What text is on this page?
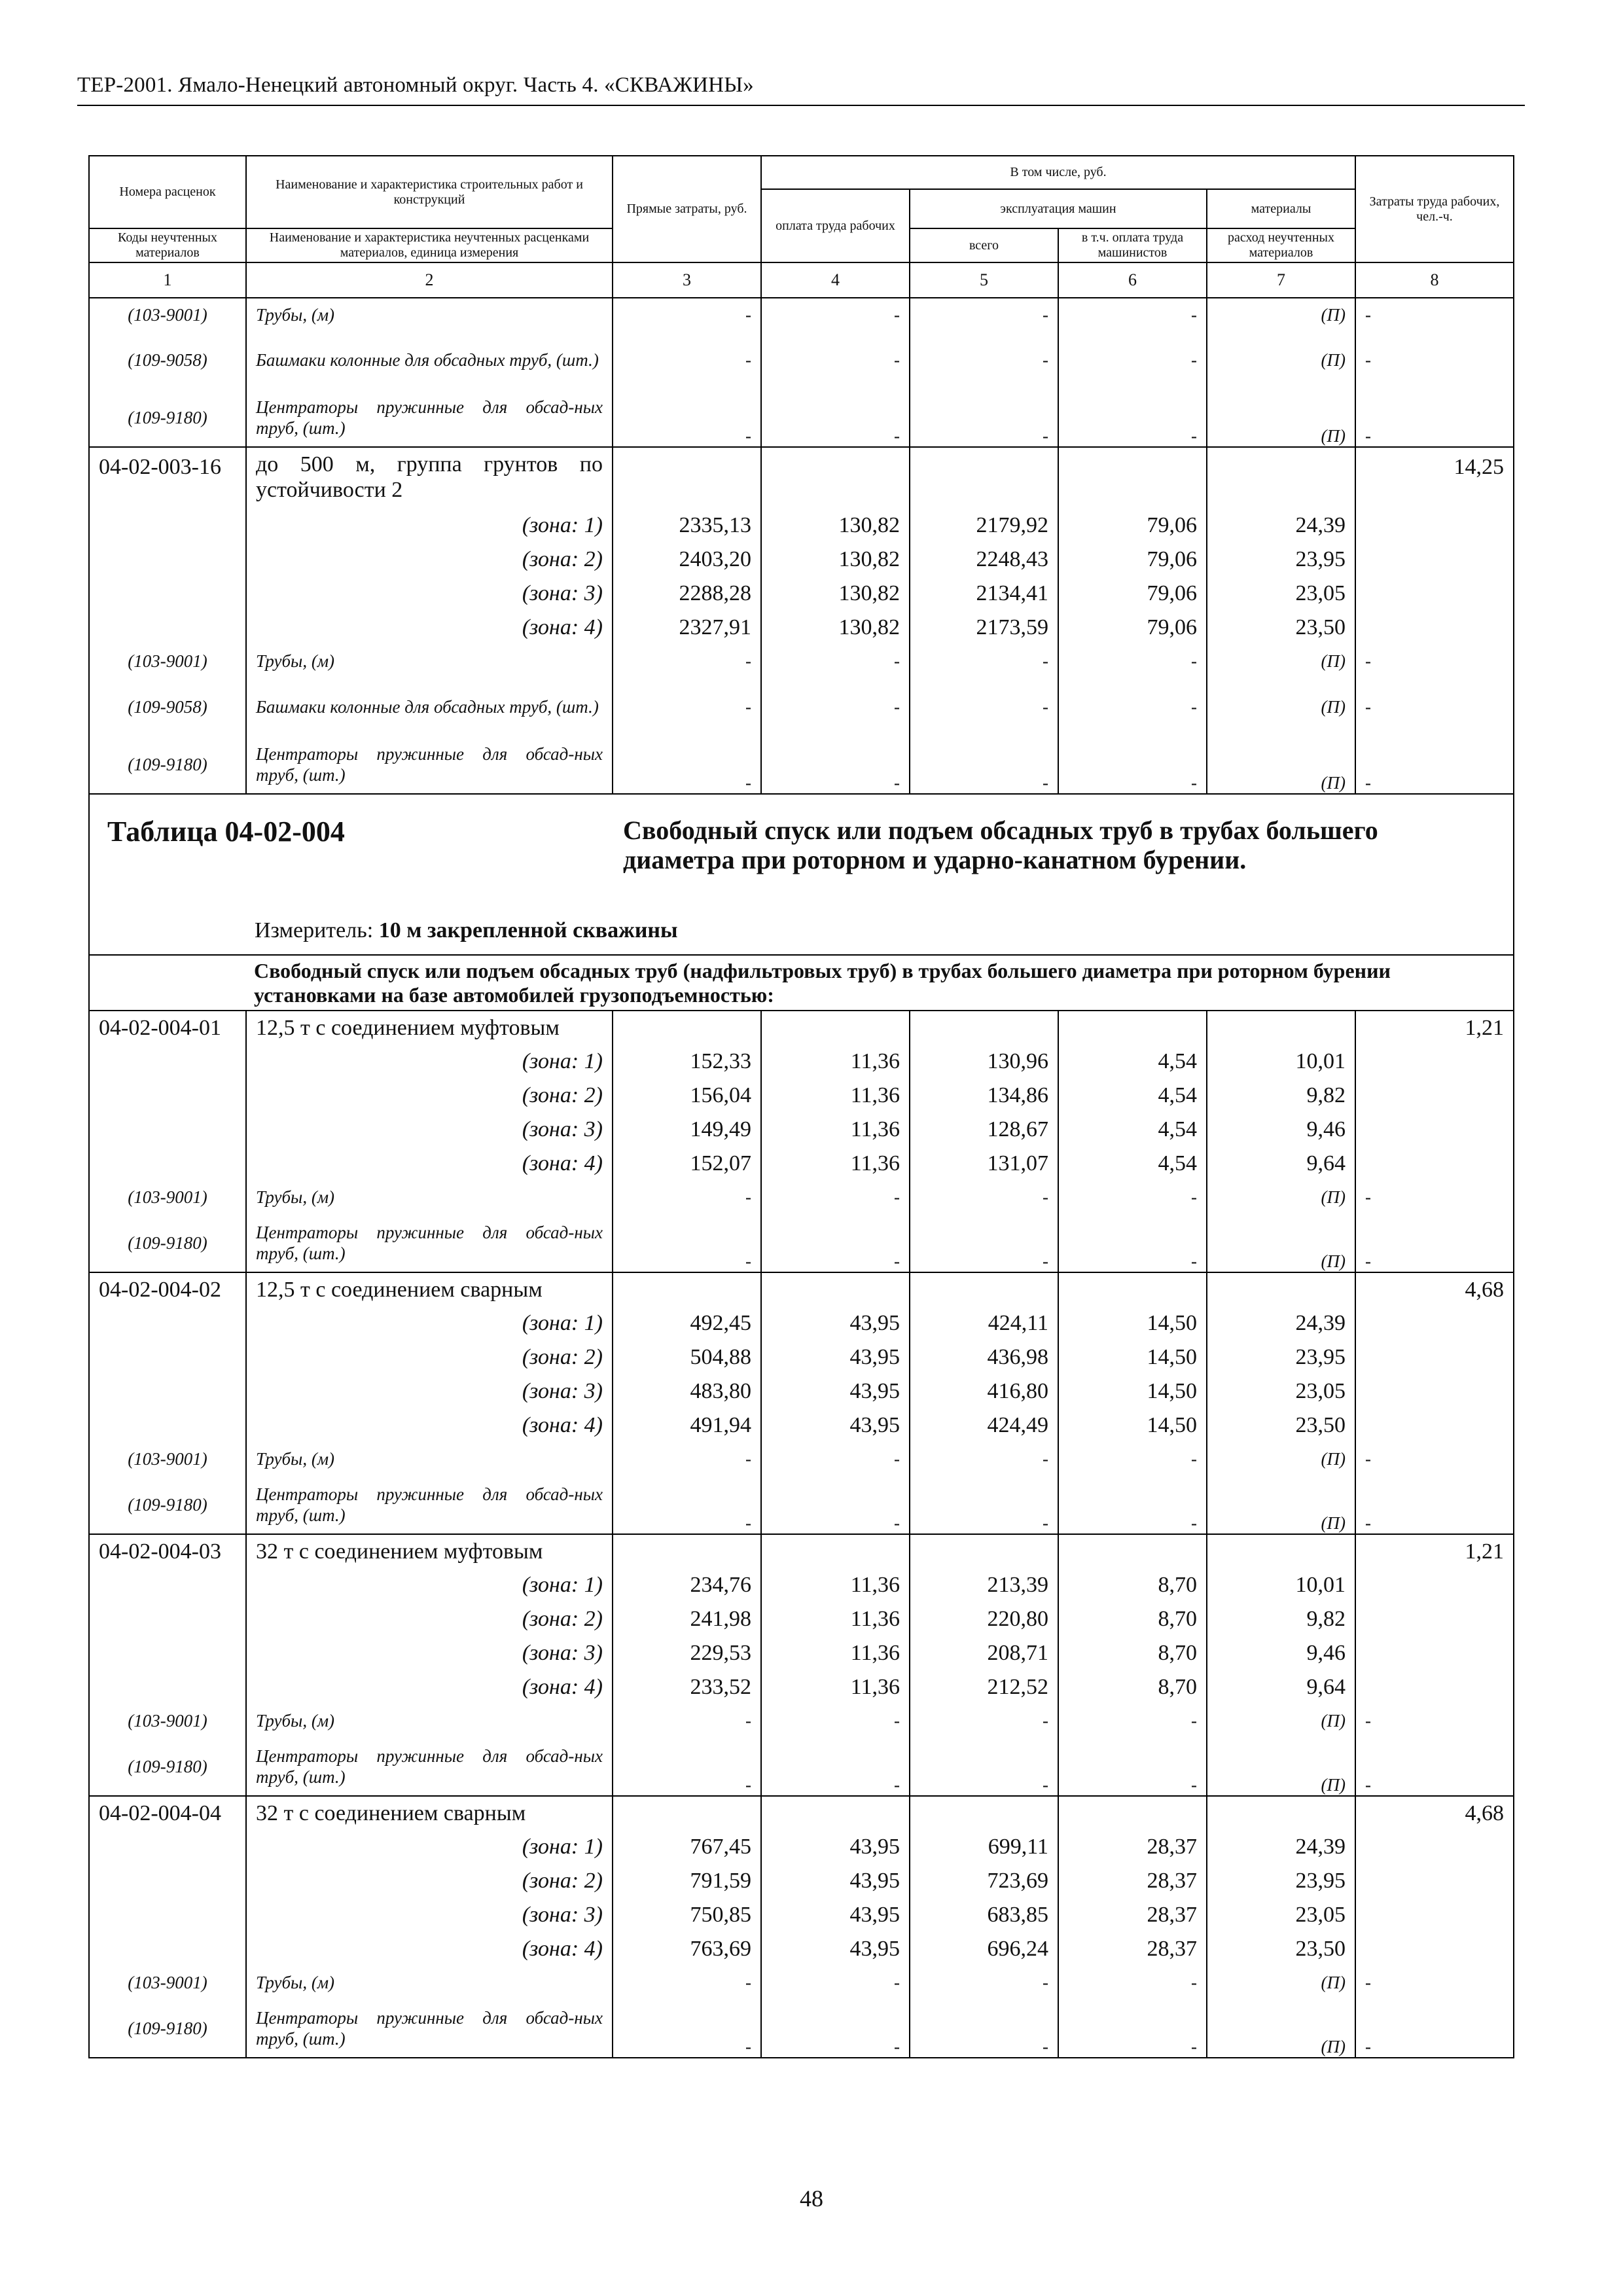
ТЕР-2001. Ямало-Ненецкий автономный округ. Часть 4. «СКВАЖИНЫ»
Номера расценок	Наименование и характеристика строительных работ и конструкций	Прямые затраты, руб.	В том числе, руб.				Затраты труда рабочих, чел.-ч.
			оплата труда рабочих	эксплуатация машин		материалы	
Коды неучтенных материалов	Наименование и характеристика неучтенных расценками материалов, единица измерения			всего	в т.ч. оплата труда машинистов	расход неучтенных материалов	

1	2	3	4	5	6	7	8
(103-9001)	Трубы, (м)	-	-	-	-	(П)	-
(109-9058)	Башмаки колонные для обсадных труб, (шт.)	-	-	-	-	(П)	-
(109-9180)	Центраторы пружинные для обсад-ных труб, (шт.)	-	-	-	-	(П)	-
04-02-003-16	до 500 м, группа грунтов по устойчивости 2						14,25
	(зона: 1)	2335,13	130,82	2179,92	79,06	24,39	
	(зона: 2)	2403,20	130,82	2248,43	79,06	23,95	
	(зона: 3)	2288,28	130,82	2134,41	79,06	23,05	
	(зона: 4)	2327,91	130,82	2173,59	79,06	23,50	
(103-9001)	Трубы, (м)	-	-	-	-	(П)	-
(109-9058)	Башмаки колонные для обсадных труб, (шт.)	-	-	-	-	(П)	-
(109-9180)	Центраторы пружинные для обсад-ных труб, (шт.)	-	-	-	-	(П)	-

Таблица 04-02-004 Свободный спуск или подъем обсадных труб в трубах большего диаметра при роторном и ударно-канатном бурении.
Измеритель: 10 м закрепленной скважины							

	Свободный спуск или подъем обсадных труб (надфильтровых труб) в трубах большего диаметра при роторном бурении установками на базе автомобилей грузоподъемностью:						
04-02-004-01	12,5 т с соединением муфтовым						1,21
	(зона: 1)	152,33	11,36	130,96	4,54	10,01	
	(зона: 2)	156,04	11,36	134,86	4,54	9,82	
	(зона: 3)	149,49	11,36	128,67	4,54	9,46	
	(зона: 4)	152,07	11,36	131,07	4,54	9,64	
(103-9001)	Трубы, (м)	-	-	-	-	(П)	-
(109-9180)	Центраторы пружинные для обсад-ных труб, (шт.)	-	-	-	-	(П)	-
04-02-004-02	12,5 т с соединением сварным						4,68
	(зона: 1)	492,45	43,95	424,11	14,50	24,39	
	(зона: 2)	504,88	43,95	436,98	14,50	23,95	
	(зона: 3)	483,80	43,95	416,80	14,50	23,05	
	(зона: 4)	491,94	43,95	424,49	14,50	23,50	
(103-9001)	Трубы, (м)	-	-	-	-	(П)	-
(109-9180)	Центраторы пружинные для обсад-ных труб, (шт.)	-	-	-	-	(П)	-
04-02-004-03	32 т с соединением муфтовым						1,21
	(зона: 1)	234,76	11,36	213,39	8,70	10,01	
	(зона: 2)	241,98	11,36	220,80	8,70	9,82	
	(зона: 3)	229,53	11,36	208,71	8,70	9,46	
	(зона: 4)	233,52	11,36	212,52	8,70	9,64	
(103-9001)	Трубы, (м)	-	-	-	-	(П)	-
(109-9180)	Центраторы пружинные для обсад-ных труб, (шт.)	-	-	-	-	(П)	-
04-02-004-04	32 т с соединением сварным						4,68
	(зона: 1)	767,45	43,95	699,11	28,37	24,39	
	(зона: 2)	791,59	43,95	723,69	28,37	23,95	
	(зона: 3)	750,85	43,95	683,85	28,37	23,05	
	(зона: 4)	763,69	43,95	696,24	28,37	23,50	
(103-9001)	Трубы, (м)	-	-	-	-	(П)	-
(109-9180)	Центраторы пружинные для обсад-ных труб, (шт.)	-	-	-	-	(П)	-
48
